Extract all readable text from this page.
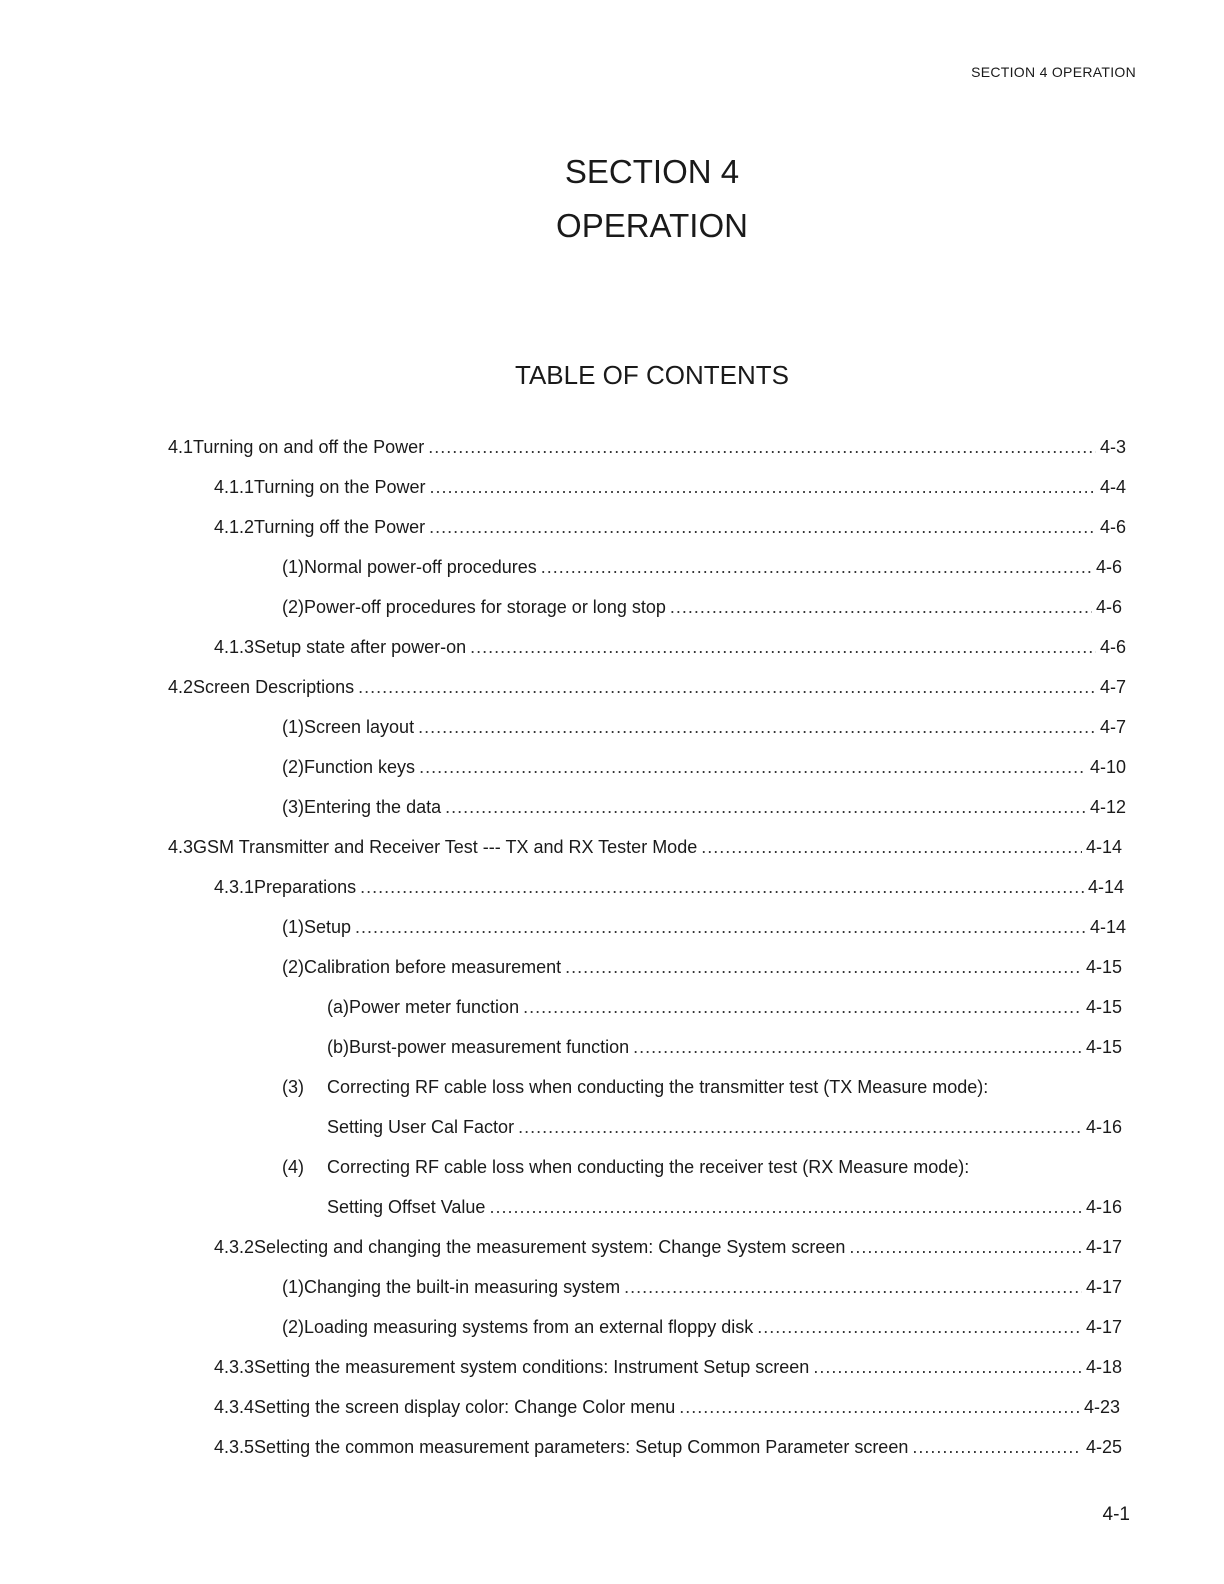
SECTION 4 OPERATION
SECTION 4
OPERATION
TABLE OF CONTENTS
4.1 Turning on and off the Power .....	4-3
4.1.1 Turning on the Power .....	4-4
4.1.2 Turning off the Power .....	4-6
(1) Normal power-off procedures .....	4-6
(2) Power-off procedures for storage or long stop .....	4-6
4.1.3 Setup state after power-on .....	4-6
4.2 Screen Descriptions .....	4-7
(1) Screen layout .....	4-7
(2) Function keys .....	4-10
(3) Entering the data .....	4-12
4.3 GSM Transmitter and Receiver Test --- TX and RX Tester Mode .....	4-14
4.3.1 Preparations .....	4-14
(1) Setup .....	4-14
(2) Calibration before measurement .....	4-15
(a) Power meter function .....	4-15
(b) Burst-power measurement function .....	4-15
(3)	Correcting RF cable loss when conducting the transmitter test (TX Measure mode):
Setting User Cal Factor .....	4-16
(4)	Correcting RF cable loss when conducting the receiver test (RX Measure mode):
Setting Offset Value .....	4-16
4.3.2 Selecting and changing the measurement system: Change System screen .....	4-17
(1) Changing the built-in measuring system .....	4-17
(2) Loading measuring systems from an external floppy disk .....	4-17
4.3.3 Setting the measurement system conditions: Instrument Setup screen .....	4-18
4.3.4 Setting the screen display color: Change Color menu .....	4-23
4.3.5 Setting the common measurement parameters: Setup Common Parameter screen .....	4-25
4-1
